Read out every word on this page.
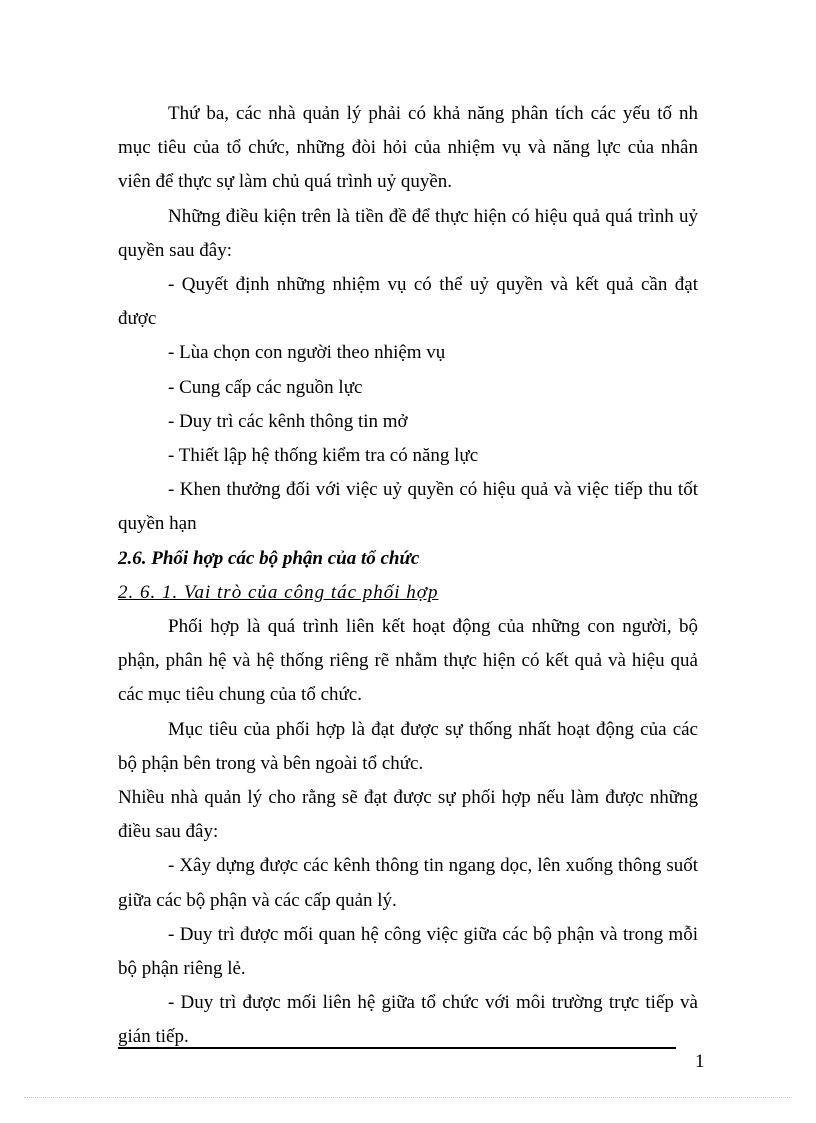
Thứ ba, các nhà quản lý phải có khả năng phân tích các yếu tố nh mục tiêu của tổ chức, những đòi hỏi của nhiệm vụ và năng lực của nhân viên để thực sự làm chủ quá trình uỷ quyền.

Những điều kiện trên là tiền đề để thực hiện có hiệu quả quá trình uỷ quyền sau đây:

- Quyết định những nhiệm vụ có thể uỷ quyền và kết quả cần đạt được

- Lùa chọn con người theo nhiệm vụ

- Cung cấp các nguồn lực

- Duy trì các kênh thông tin mở

- Thiết lập hệ thống kiểm tra có năng lực

- Khen thưởng đối với việc uỷ quyền có hiệu quả và việc tiếp thu tốt quyền hạn

2.6. Phối hợp các bộ phận của tổ chức

2. 6. 1. Vai trò của công tác phối hợp

Phối hợp là quá trình liên kết hoạt động của những con người, bộ phận, phân hệ và hệ thống riêng rẽ nhằm thực hiện có kết quả và hiệu quả các mục tiêu chung của tổ chức.

Mục tiêu của phối hợp là đạt được sự thống nhất hoạt động của các bộ phận bên trong và bên ngoài tổ chức.

Nhiều nhà quản lý cho rằng sẽ đạt được sự phối hợp nếu làm được những điều sau đây:

- Xây dựng được các kênh thông tin ngang dọc, lên xuống thông suốt giữa các bộ phận và các cấp quản lý.

- Duy trì được mối quan hệ công việc giữa các bộ phận và trong mỗi bộ phận riêng lẻ.

- Duy trì được mối liên hệ giữa tổ chức với môi trường trực tiếp và gián tiếp.

1
